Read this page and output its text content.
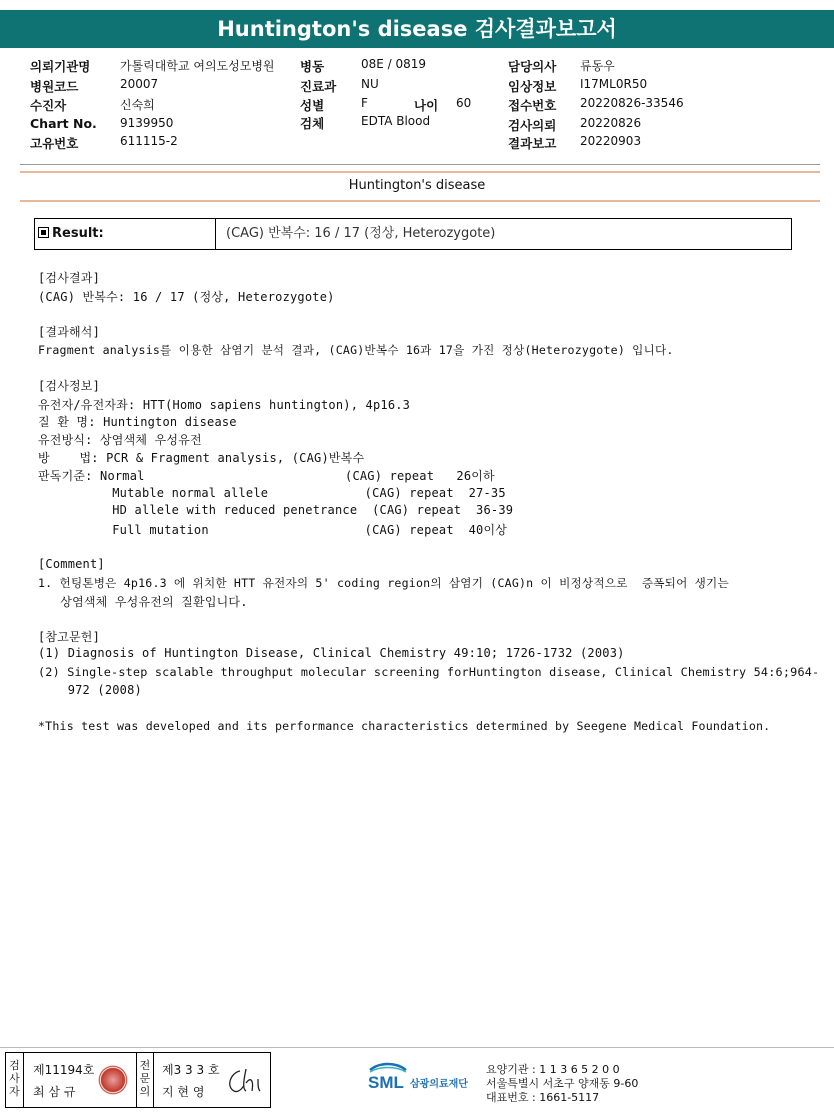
Huntington's disease 검사결과보고서
의뢰기관명 가톨릭대학교 여의도성모병원
병원코드	20007
수진자	신숙희
Chart No. 9139950
고유번호	611115-2
병동	08E / 0819
진료과 NU
성별	F	나이 60
검체	EDTA Blood
담당의사 류동우
임상정보 I17ML0R50
접수번호 20220826-33546
검사의뢰 20220826
결과보고 20220903
Huntington's disease
Result:	(CAG) 반복수: 16 / 17 (정상, Heterozygote)
[검사결과]
(CAG) 반복수: 16 / 17 (정상, Heterozygote)
[결과해석]
Fragment analysis를 이용한 삼염기 분석 결과, (CAG)반복수 16과 17을 가진 정상(Heterozygote) 입니다.
[검사정보]
유전자/유전자좌: HTT(Homo sapiens huntington), 4p16.3
질 환 명: Huntington disease
유전방식: 상염색체 우성유전
방    법: PCR & Fragment analysis, (CAG)반복수
판독기준: Normal                           (CAG) repeat   26이하
Mutable normal allele             (CAG) repeat  27-35
HD allele with reduced penetrance  (CAG) repeat  36-39
Full mutation                     (CAG) repeat  40이상
[Comment]
1. 헌팅톤병은 4p16.3 에 위치한 HTT 유전자의 5' coding region의 삼염기 (CAG)n 이 비정상적으로  증폭되어 생기는
상염색체 우성유전의 질환입니다.
[참고문헌]
(1) Diagnosis of Huntington Disease, Clinical Chemistry 49:10; 1726-1732 (2003)
(2) Single-step scalable throughput molecular screening forHuntington disease, Clinical Chemistry 54:6;964-
972 (2008)
*This test was developed and its performance characteristics determined by Seegene Medical Foundation.
검사자
제11194호
최 삼 규
전문의
제3 3 3 호
지 현 영	SML 삼광의료재단
요양기관 : 1 1 3 6 5 2 0 0
서울특별시 서초구 양재동 9-60
대표번호 : 1661-5117
